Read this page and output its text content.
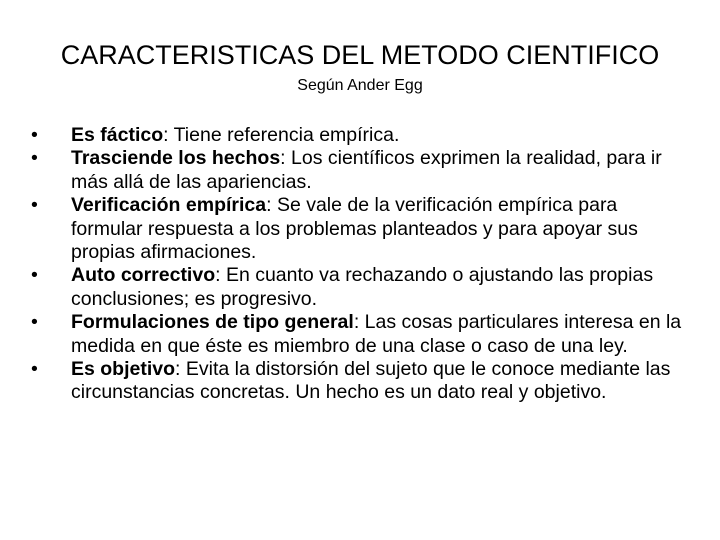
CARACTERISTICAS DEL METODO CIENTIFICO
Según Ander Egg
•	Es fáctico: Tiene referencia empírica.
•	Trasciende los hechos: Los científicos exprimen la realidad, para ir más allá de las apariencias.
•	Verificación empírica: Se vale de la verificación empírica para formular respuesta a los problemas planteados y para apoyar sus propias afirmaciones.
•	Auto correctivo: En cuanto va rechazando o ajustando las propias conclusiones; es progresivo.
•	Formulaciones de tipo general: Las cosas particulares interesa en la medida en que éste es miembro de una clase o caso de una ley.
•	Es objetivo: Evita la distorsión del sujeto que le conoce mediante las circunstancias concretas. Un hecho es un dato real y objetivo.
